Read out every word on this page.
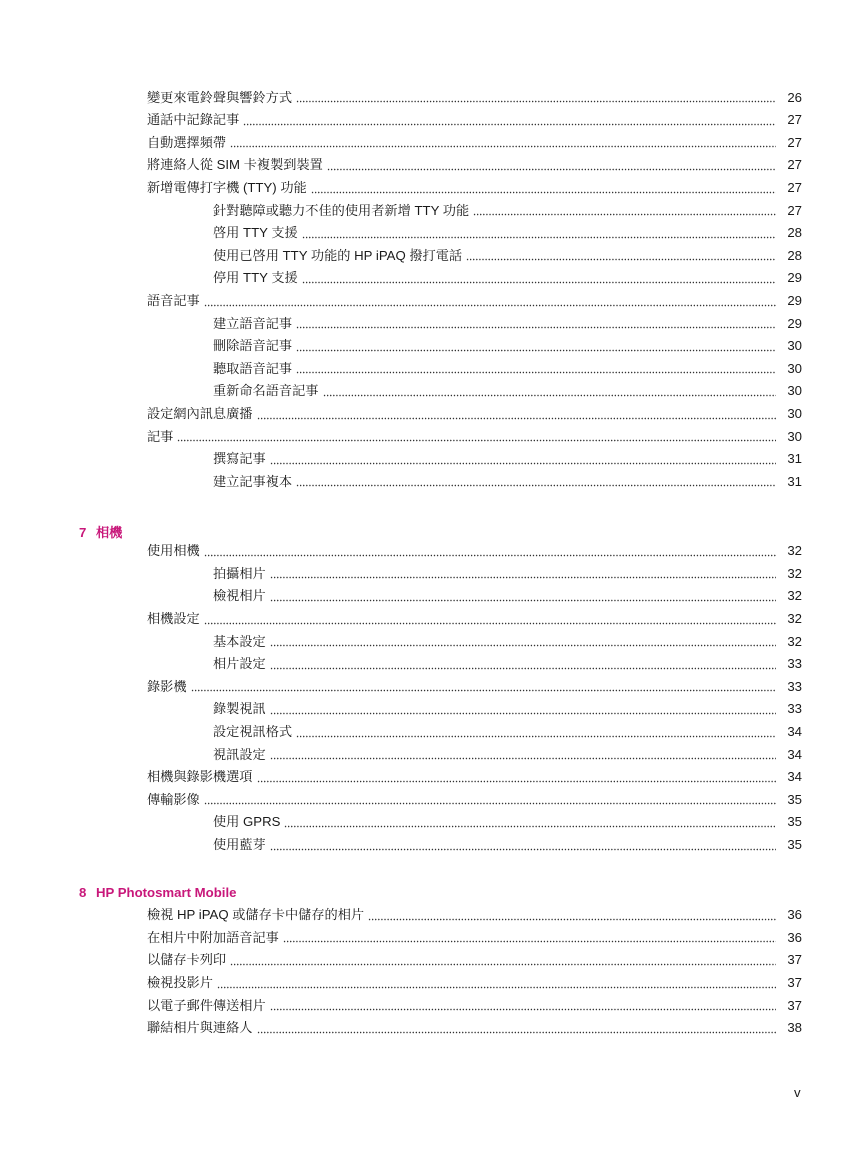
變更來電鈴聲與響鈴方式	26
通話中記錄記事	27
自動選擇頻帶	27
將連絡人從 SIM 卡複製到裝置	27
新增電傳打字機 (TTY) 功能	27
針對聽障或聽力不佳的使用者新增 TTY 功能	27
啓用 TTY 支援	28
使用已啓用 TTY 功能的 HP iPAQ 撥打電話	28
停用 TTY 支援	29
語音記事	29
建立語音記事	29
刪除語音記事	30
聽取語音記事	30
重新命名語音記事	30
設定網內訊息廣播	30
記事	30
撰寫記事	31
建立記事複本	31
7 相機
使用相機	32
拍攝相片	32
檢視相片	32
相機設定	32
基本設定	32
相片設定	33
錄影機	33
錄製視訊	33
設定視訊格式	34
視訊設定	34
相機與錄影機選項	34
傳輸影像	35
使用 GPRS	35
使用藍芽	35
8 HP Photosmart Mobile
檢視 HP iPAQ 或儲存卡中儲存的相片	36
在相片中附加語音記事	36
以儲存卡列印	37
檢視投影片	37
以電子郵件傳送相片	37
聯結相片與連絡人	38
v
